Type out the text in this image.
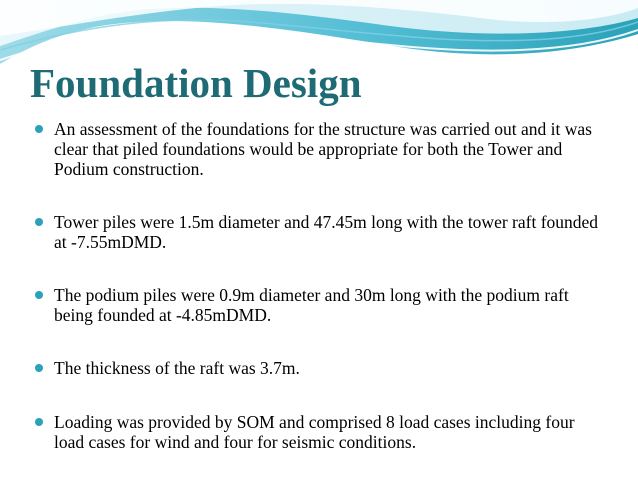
Foundation Design
An assessment of the foundations for the structure was carried out and it was clear that piled foundations would be appropriate for both the Tower and Podium construction.
Tower piles were 1.5m diameter and 47.45m long with the tower raft founded at -7.55mDMD.
The podium piles were 0.9m diameter and 30m long with the podium raft being founded at -4.85mDMD.
The thickness of the raft was 3.7m.
Loading was provided by SOM and comprised 8 load cases including four load cases for wind and four for seismic conditions.
